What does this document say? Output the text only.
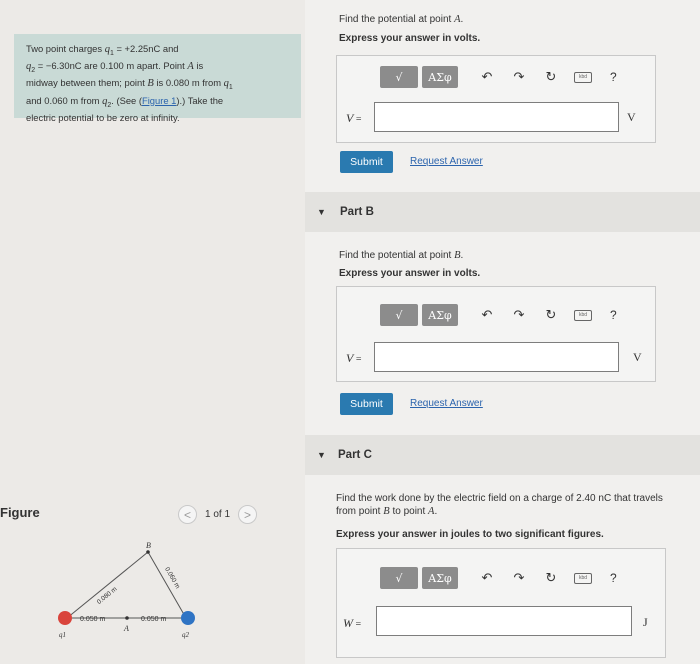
Two point charges $q_1 = +2.25nC$ and

$q_2 = -6.30nC$ are 0.100 m apart. Point A is

midway between them; point B is 0.080 m from $q_1$

and 0.060 m from $q_2$. (See (Figure 1).) Take the

electric potential to be zero at infinity.

Figure	<	1 of 1	>
B
A
q1	q2
0.080 m
0.060 m
0.050 m	0.050 m
Find the potential at point A.
Express your answer in volts.
√	ΑΣφ	↶ ↷ ↻	kbd	?
V =	V
Submit	Request Answer
▼ Part B
Find the potential at point B.
Express your answer in volts.
√	ΑΣφ	↶ ↷ ↻	kbd	?
V =	V
Submit	Request Answer
▼ Part C
Find the work done by the electric field on a charge of 2.40 nC that travels
from point B to point A.
Express your answer in joules to two significant figures.
√	ΑΣφ	↶ ↷ ↻	kbd	?
W =	J
